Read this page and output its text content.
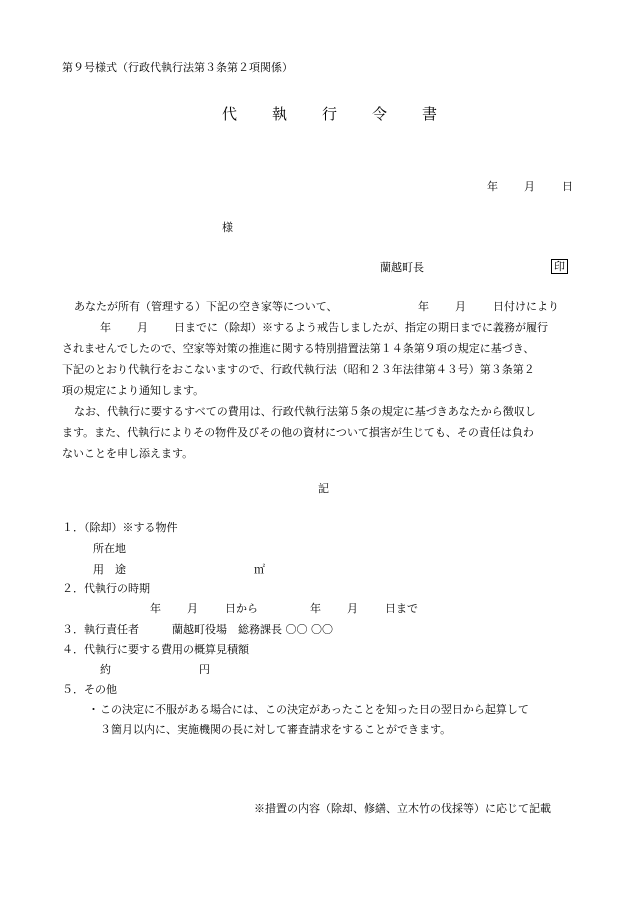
第９号様式（行政代執行法第３条第２項関係）
代 執 行 令 書
年 月 日
様
蘭越町長	印
あなたが所有（管理する）下記の空き家等について、	年 月 日付けにより
年 月 日までに（除却）※するよう戒告しましたが、指定の期日までに義務が履行
されませんでしたので、空家等対策の推進に関する特別措置法第１４条第９項の規定に基づき、
下記のとおり代執行をおこないますので、行政代執行法（昭和２３年法律第４３号）第３条第２
項の規定により通知します。
なお、代執行に要するすべての費用は、行政代執行法第５条の規定に基づきあなたから徴収し
ます。また、代執行によりその物件及びその他の資材について損害が生じても、その責任は負わ
ないことを申し添えます。
記
１．（除却）※する物件
所在地
用　途	㎡
２．代執行の時期
年 月 日から	年 月 日まで
３．執行責任者	蘭越町役場　総務課長 〇〇 〇〇
４．代執行に要する費用の概算見積額
約	円
５．その他
・ この決定に不服がある場合には、この決定があったことを知った日の翌日から起算して
３箇月以内に、実施機関の長に対して審査請求をすることができます。
※措置の内容（除却、修繕、立木竹の伐採等）に応じて記載
